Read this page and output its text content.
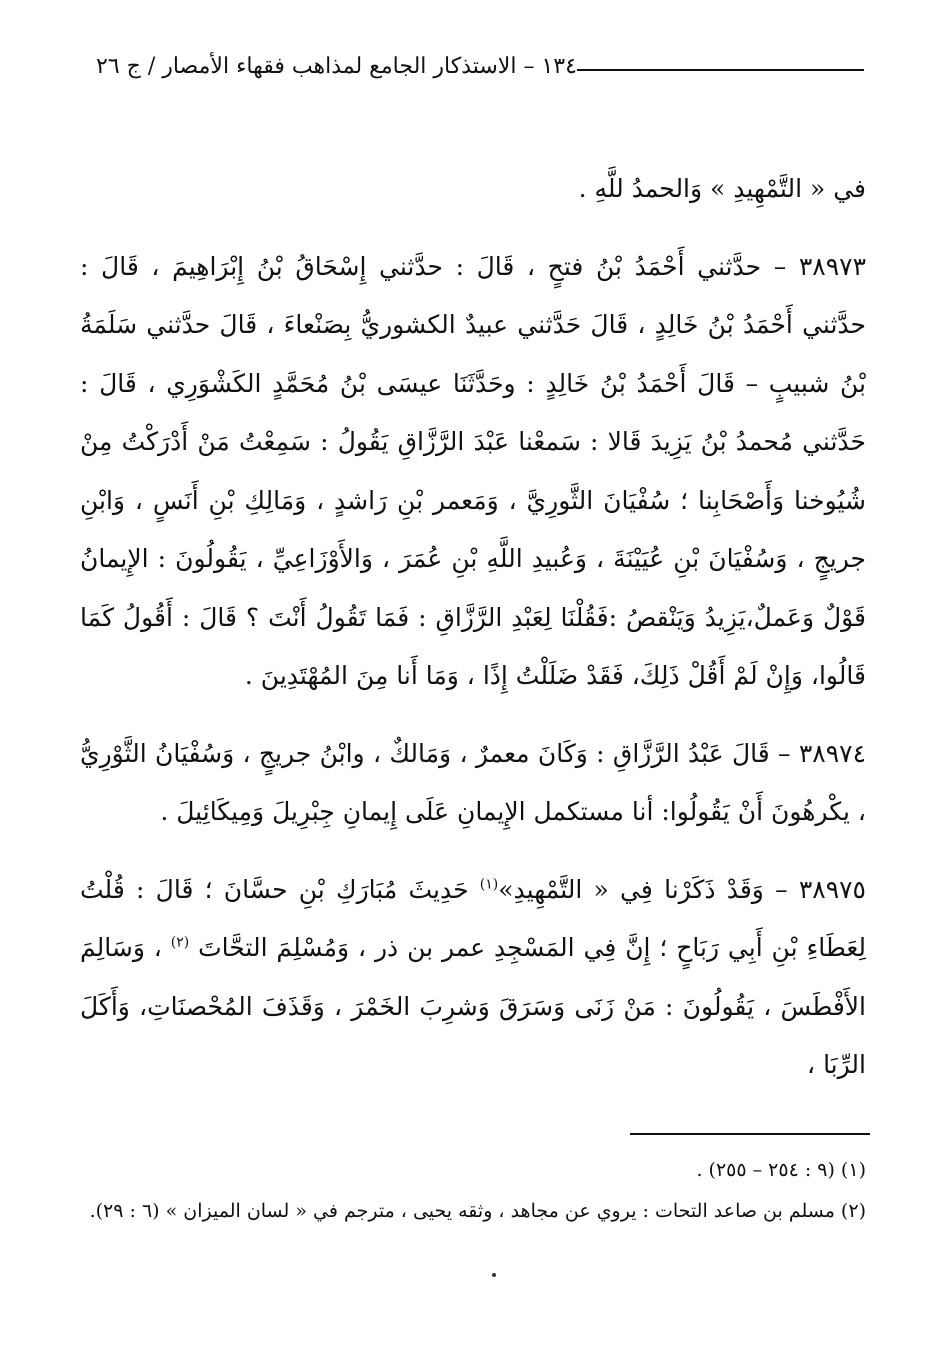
١٣٤ – الاستذكار الجامع لمذاهب فقهاء الأمصار / ج ٢٦

في « التَّمْهِيدِ » وَالحمدُ للَّهِ .

٣٨٩٧٣ – حدَّثني أَحْمَدُ بْنُ فتحٍ ، قَالَ : حدَّثني إِسْحَاقُ بْنُ إِبْرَاهِيمَ ، قَالَ : حدَّثني أَحْمَدُ بْنُ خَالِدٍ ، قَالَ حَدَّثني عبيدٌ الكشوريُّ بِصَنْعاءَ ، قَالَ حدَّثني سَلَمَةُ بْنُ شبيبٍ – قَالَ أَحْمَدُ بْنُ خَالِدٍ : وحَدَّثَنَا عيسَى بْنُ مُحَمَّدٍ الكَشْوَرِي ، قَالَ : حَدَّثني مُحمدُ بْنُ يَزِيدَ قَالا : سَمعْنا عَبْدَ الرَّزَّاقِ يَقُولُ : سَمِعْتُ مَنْ أَدْرَكْتُ مِنْ شُيُوخنا وَأَصْحَابِنا ؛ سُفْيَانَ الثَّورِيَّ ، وَمَعمر بْنِ رَاشدٍ ، وَمَالِكِ بْنِ أَنَسٍ ، وَابْنِ جريجٍ ، وَسُفْيَانَ بْنِ عُيَيْنَةَ ، وَعُبيدِ اللَّهِ بْنِ عُمَرَ ، وَالأَوْزَاعِيِّ ، يَقُولُونَ : الإِيمانُ قَوْلٌ وَعَملٌ،يَزِيدُ وَيَنْقصُ :فَقُلْنَا لِعَبْدِ الرَّزَّاقِ : فَمَا تَقُولُ أَنْتَ ؟ قَالَ : أَقُولُ كَمَا قَالُوا، وَإِنْ لَمْ أَقُلْ ذَلِكَ، فَقَدْ ضَلَلْتُ إِذًا ، وَمَا أَنا مِنَ المُهْتَدِينَ .

٣٨٩٧٤ – قَالَ عَبْدُ الرَّزَّاقِ : وَكَانَ معمرٌ ، وَمَالكٌ ، وابْنُ جريجٍ ، وَسُفْيَانُ الثَّوْرِيُّ ، يكْرهُونَ أَنْ يَقُولُوا: أنا مستكمل الإِيمانِ عَلَى إِيمانِ جِبْرِيلَ وَمِيكَائِيلَ .

٣٨٩٧٥ – وَقَدْ ذَكَرْنا فِي « التَّمْهِيدِ»$^{(١)}$ حَدِيثَ مُبَارَكِ بْنِ حسَّانَ ؛ قَالَ : قُلْتُ لِعَطَاءِ بْنِ أَبِي رَبَاحٍ ؛ إِنَّ فِي المَسْجِدِ عمر بن ذر ، وَمُسْلِمَ التحَّاتَ $^{(٢)}$ ، وَسَالِمَ الأَفْطَسَ ، يَقُولُونَ : مَنْ زَنَى وَسَرَقَ وَشرِبَ الخَمْرَ ، وَقَذَفَ المُحْصنَاتِ، وَأَكَلَ الرِّبَا ،

(١) (٩ : ٢٥٤ – ٢٥٥) .

(٢) مسلم بن صاعد التحات : يروي عن مجاهد ، وثقه يحيى ، مترجم في « لسان الميزان » (٦ : ٢٩).
